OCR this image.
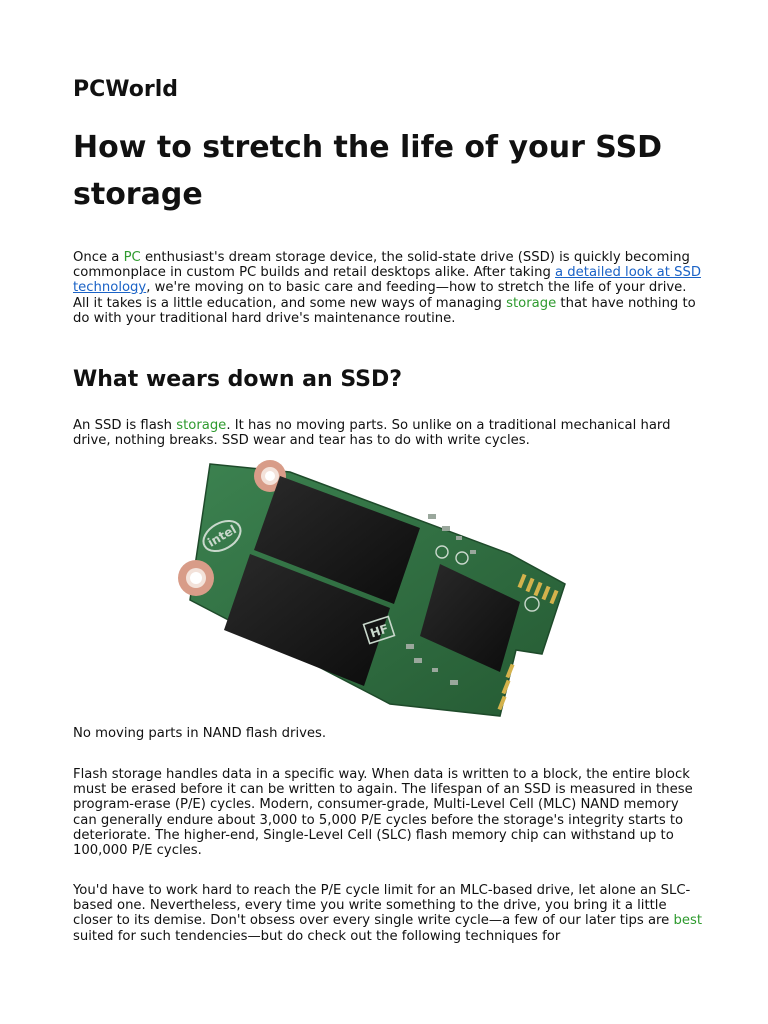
PCWorld

How to stretch the life of your SSD storage

Once a PC enthusiast's dream storage device, the solid-state drive (SSD) is quickly becoming commonplace in custom PC builds and retail desktops alike. After taking a detailed look at SSD technology, we're moving on to basic care and feeding—how to stretch the life of your drive. All it takes is a little education, and some new ways of managing storage that have nothing to do with your traditional hard drive's maintenance routine.

What wears down an SSD?

An SSD is flash storage. It has no moving parts. So unlike on a traditional mechanical hard drive, nothing breaks. SSD wear and tear has to do with write cycles.

intel
HF

No moving parts in NAND flash drives.

Flash storage handles data in a specific way. When data is written to a block, the entire block must be erased before it can be written to again. The lifespan of an SSD is measured in these program-erase (P/E) cycles. Modern, consumer-grade, Multi-Level Cell (MLC) NAND memory can generally endure about 3,000 to 5,000 P/E cycles before the storage's integrity starts to deteriorate. The higher-end, Single-Level Cell (SLC) flash memory chip can withstand up to 100,000 P/E cycles.

You'd have to work hard to reach the P/E cycle limit for an MLC-based drive, let alone an SLC-based one. Nevertheless, every time you write something to the drive, you bring it a little closer to its demise. Don't obsess over every single write cycle—a few of our later tips are best suited for such tendencies—but do check out the following techniques for
